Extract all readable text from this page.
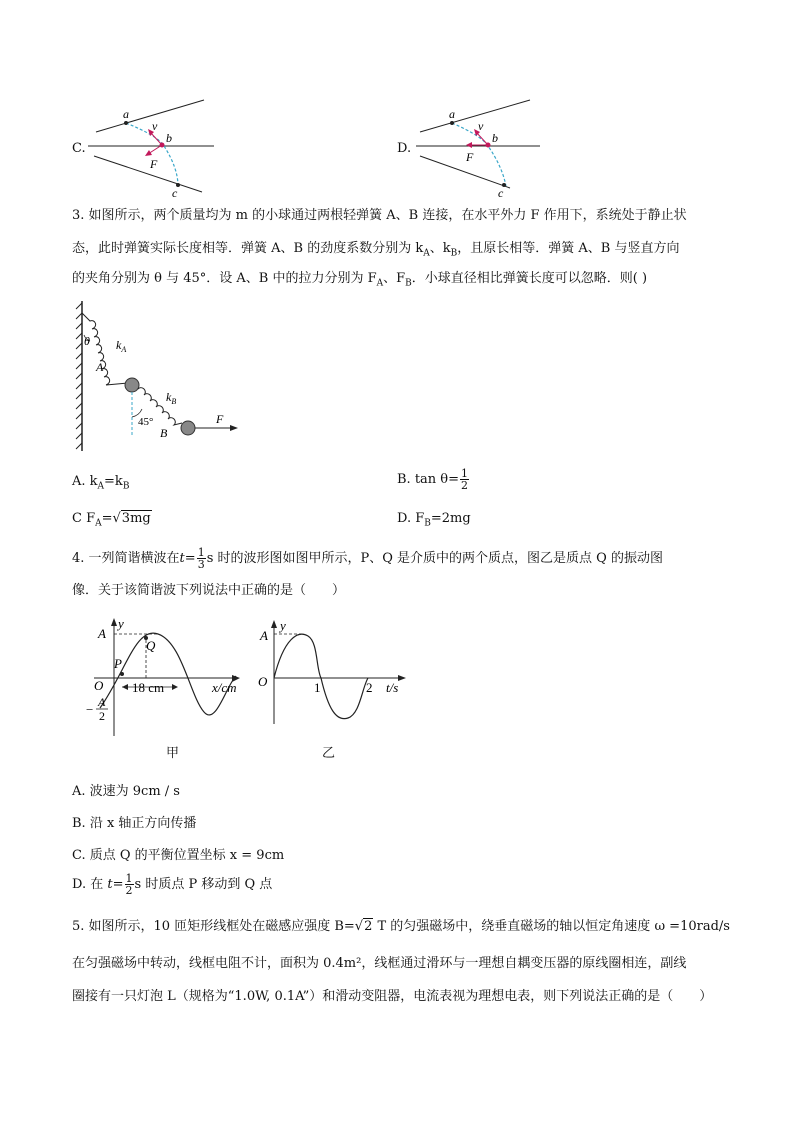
C.
a
v
b
F
c
D.
a
v
b
F
c
3. 如图所示，两个质量均为 m 的小球通过两根轻弹簧 A、B 连接，在水平外力 F 作用下，系统处于静止状
态，此时弹簧实际长度相等．弹簧 A、B 的劲度系数分别为 $k_A$、$k_B$，且原长相等．弹簧 A、B 与竖直方向
的夹角分别为 θ 与 45°．设 A、B 中的拉力分别为 $F_A$、$F_B$．小球直径相比弹簧长度可以忽略．则( )
θ $k_A$
A
$k_B$
45°
B
F
A. $k_A=k_B$	B. $\tan \theta= \frac{1}{2}$
C $F_A=√3mg$	D. $F_B=2mg$
4. 一列简谐横波在$t= \frac{1}{3}$ s 时的波形图如图甲所示，P、Q 是介质中的两个质点，图乙是质点 Q 的振动图
像．关于该简谐波下列说法中正确的是（　　）
A
y
P
Q
O 18 cm	x/cm
− A
2
甲
A
y
O	1	2 t/s
乙
A. 波速为 9cm / s
B. 沿 x 轴正方向传播
C. 质点 Q 的平衡位置坐标 x = 9cm
D. 在 $t= \frac{1}{2}$ s 时质点 P 移动到 Q 点
5. 如图所示，10 匝矩形线框处在磁感应强度 B=√2 T 的匀强磁场中，绕垂直磁场的轴以恒定角速度 ω =10rad/s
在匀强磁场中转动，线框电阻不计，面积为 0.4m²，线框通过滑环与一理想自耦变压器的原线圈相连，副线
圈接有一只灯泡 L（规格为“1.0W, 0.1A”）和滑动变阻器，电流表视为理想电表，则下列说法正确的是（　　）
